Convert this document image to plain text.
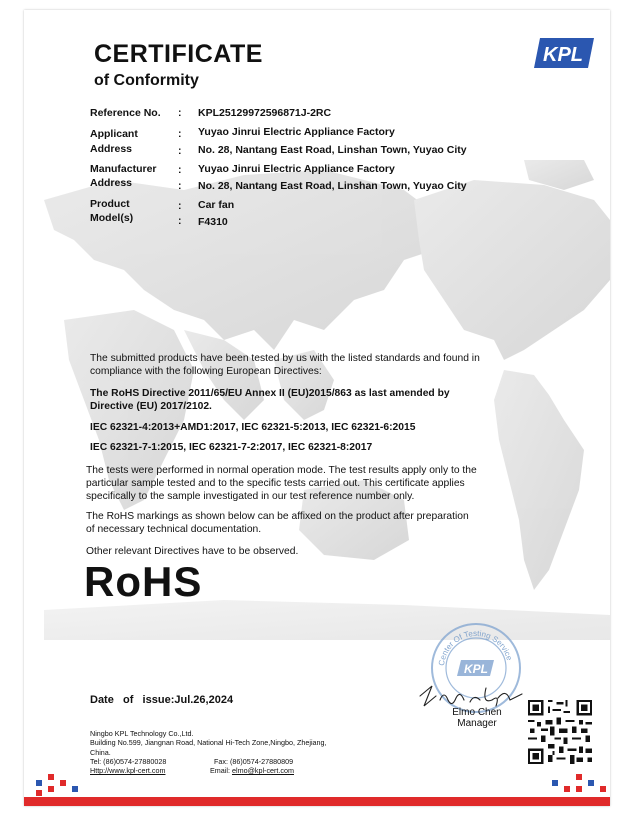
CERTIFICATE
of Conformity
KPL
Reference No. : KPL25129972596871J-2RC
Applicant	: Yuyao Jinrui Electric Appliance Factory
Address	: No. 28, Nantang East Road, Linshan Town, Yuyao City
Manufacturer : Yuyao Jinrui Electric Appliance Factory
Address	: No. 28, Nantang East Road, Linshan Town, Yuyao City
Product	: Car fan
Model(s)	: F4310
The submitted products have been tested by us with the listed standards and found in
compliance with the following European Directives:
The RoHS Directive 2011/65/EU Annex II (EU)2015/863 as last amended by
Directive (EU) 2017/2102.
IEC 62321-4:2013+AMD1:2017, IEC 62321-5:2013, IEC 62321-6:2015
IEC 62321-7-1:2015, IEC 62321-7-2:2017, IEC 62321-8:2017
The tests were performed in normal operation mode. The test results apply only to the
particular sample tested and to the specific tests carried out. This certificate applies
specifically to the sample investigated in our test reference number only.
The RoHS markings as shown below can be affixed on the product after preparation
of necessary technical documentation.
Other relevant Directives have to be observed.
RoHS
Center Of Testing Service
KPL
Date   of   issue:Jul.26,2024
Elmo Chen
Manager
Ningbo KPL Technology Co.,Ltd.
Building No.599, Jiangnan Road, National Hi-Tech Zone,Ningbo, Zhejiang,
China.
Tel: (86)0574-27880028	Fax: (86)0574-27880809
Http://www.kpl-cert.com	Email: elmo@kpl-cert.com
